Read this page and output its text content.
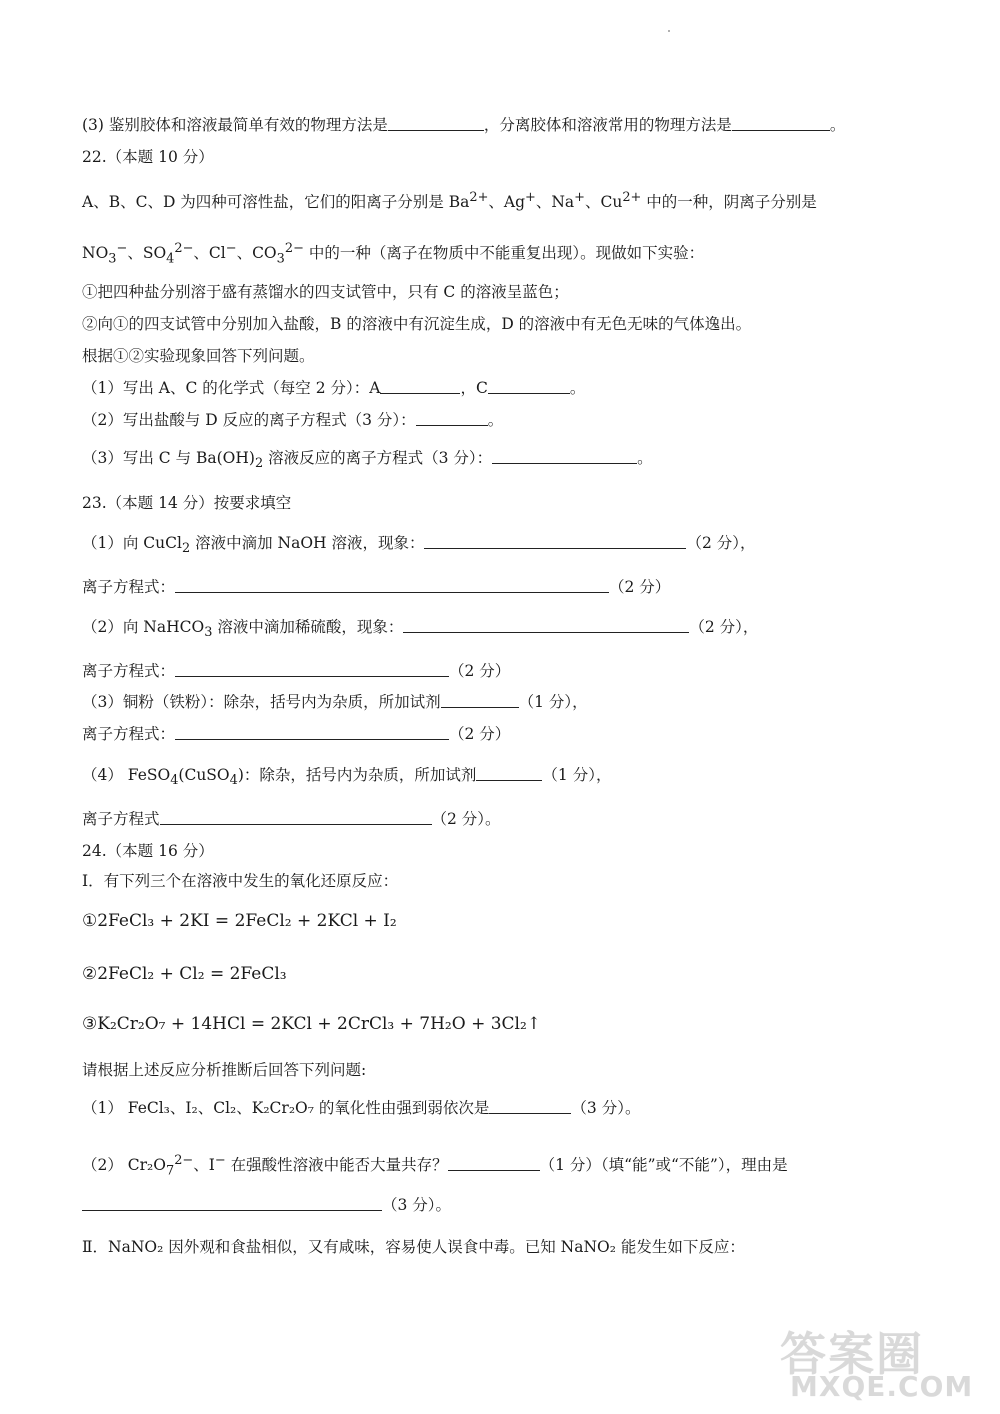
(3) 鉴别胶体和溶液最简单有效的物理方法是	，分离胶体和溶液常用的物理方法是	。
22.（本题 10 分）
A、B、C、D 为四种可溶性盐，它们的阳离子分别是 $Ba^{2+}$、Ag+、Na+、$Cu^{2+}$ 中的一种，阴离子分别是
$NO_3^-$、$SO_4^{2-}$、Cl−、$CO_3^{2-}$ 中的一种（离子在物质中不能重复出现）。现做如下实验：
①把四种盐分别溶于盛有蒸馏水的四支试管中，只有 C 的溶液呈蓝色；
②向①的四支试管中分别加入盐酸，B 的溶液中有沉淀生成，D 的溶液中有无色无味的气体逸出。
根据①②实验现象回答下列问题。
（1）写出 A、C 的化学式（每空 2 分）：A	，C	。
（2）写出盐酸与 D 反应的离子方程式（3 分）：	。
（3）写出 C 与 $Ba(OH)_2$ 溶液反应的离子方程式（3 分）：	。
23.（本题 14 分）按要求填空
（1）向 CuCl$_2$ 溶液中滴加 NaOH 溶液，现象：	（2 分），
离子方程式：	（2 分）
（2）向 NaHCO$_3$ 溶液中滴加稀硫酸，现象：	（2 分），
离子方程式：	（2 分）
（3）铜粉（铁粉）：除杂，括号内为杂质，所加试剂	（1 分），
离子方程式：	（2 分）
（4） FeSO$_4$(CuSO$_4$)：除杂，括号内为杂质，所加试剂	（1 分），
离子方程式	（2 分）。
24.（本题 16 分）
Ⅰ．有下列三个在溶液中发生的氧化还原反应：
①2FeCl₃ + 2KI = 2FeCl₂ + 2KCl + I₂
②2FeCl₂ + Cl₂ = 2FeCl₃
③K₂Cr₂O₇ + 14HCl = 2KCl + 2CrCl₃ + 7H₂O + 3Cl₂↑
请根据上述反应分析推断后回答下列问题:
（1） FeCl₃、I₂、Cl₂、K₂Cr₂O₇ 的氧化性由强到弱依次是	（3 分）。
（2） $Cr_2O_7^{2-}$、I− 在强酸性溶液中能否大量共存？	（1 分）（填“能”或“不能”），理由是
（3 分）。
Ⅱ．NaNO₂ 因外观和食盐相似，又有咸味，容易使人误食中毒。已知 NaNO₂ 能发生如下反应：
答案圈
MXQE.COM
